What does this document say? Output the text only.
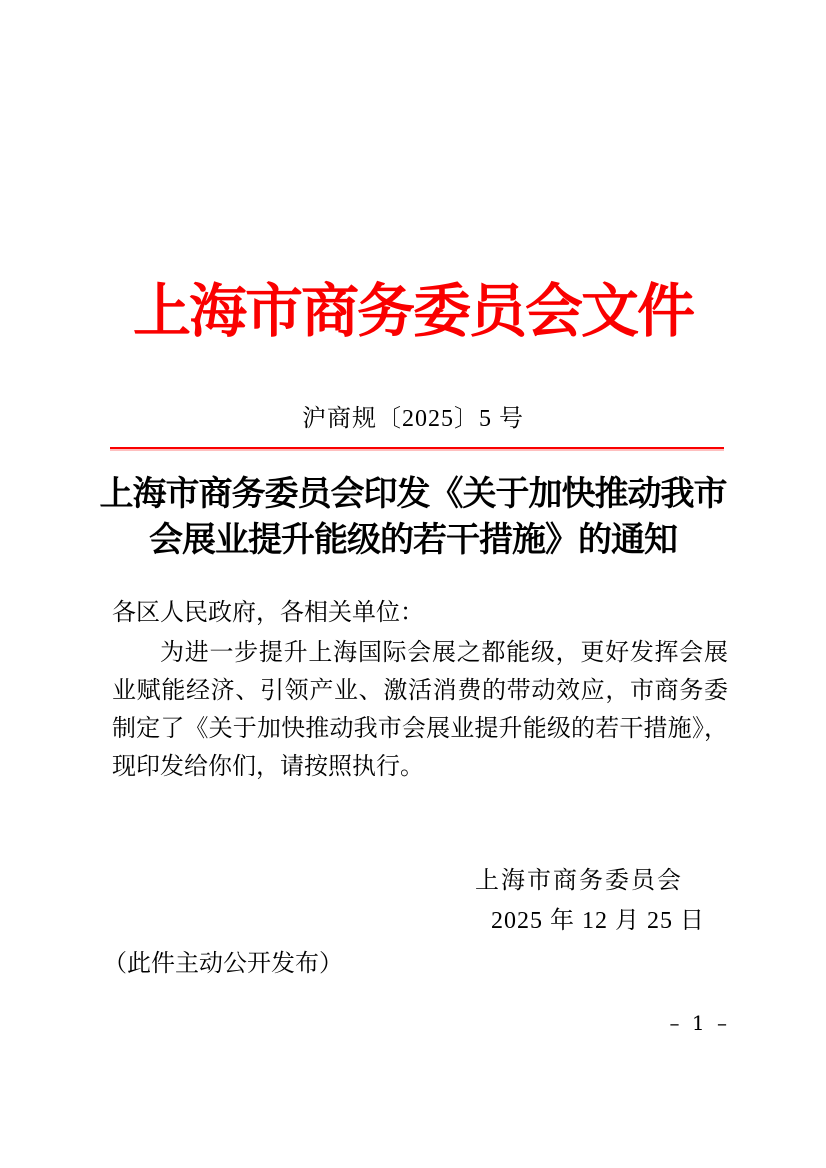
上海市商务委员会文件
沪商规〔2025〕5 号
上海市商务委员会印发《关于加快推动我市
会展业提升能级的若干措施》的通知
各区人民政府，各相关单位：

为进一步提升上海国际会展之都能级，更好发挥会展业赋能经济、引领产业、激活消费的带动效应，市商务委制定了《关于加快推动我市会展业提升能级的若干措施》，现印发给你们，请按照执行。

上海市商务委员会
2025 年 12 月 25 日
（此件主动公开发布）
– 1 –
